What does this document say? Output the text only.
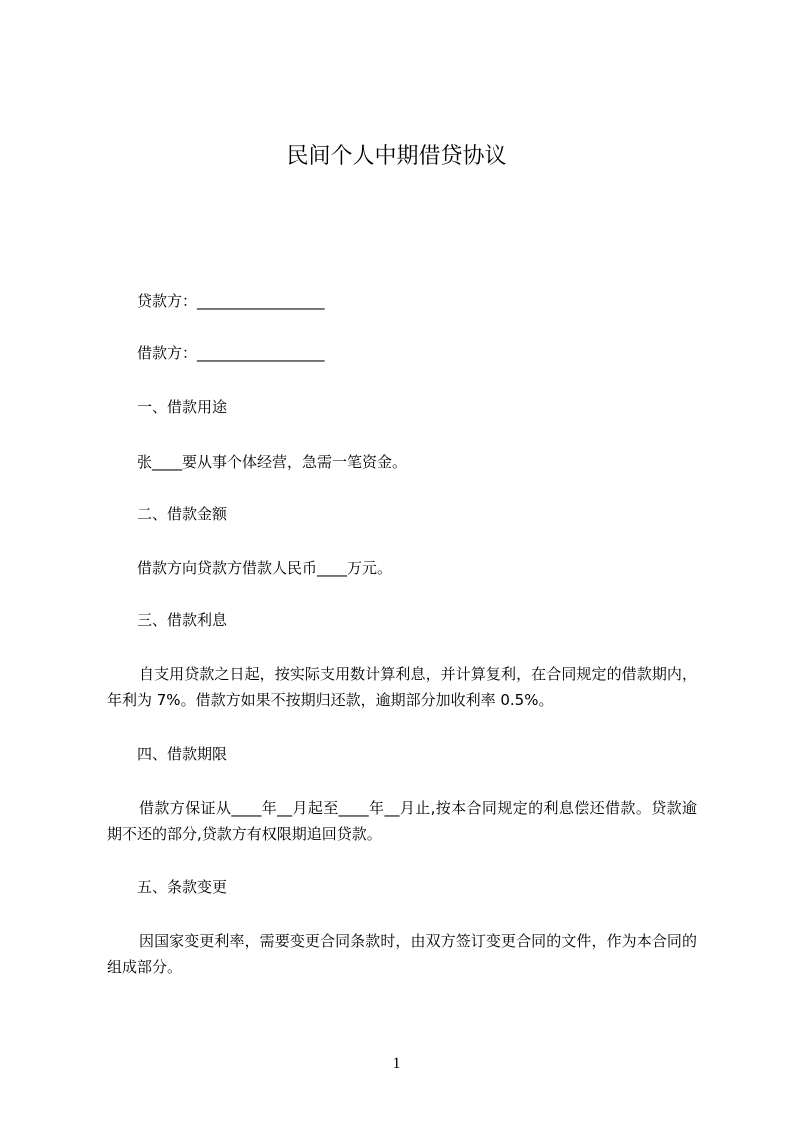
民间个人中期借贷协议

贷款方：_________________

借款方：_________________

一、借款用途

张____要从事个体经营，急需一笔资金。

二、借款金额

借款方向贷款方借款人民币____万元。

三、借款利息

自支用贷款之日起，按实际支用数计算利息，并计算复利，在合同规定的借款期内，年利为 7%。借款方如果不按期归还款，逾期部分加收利率 0.5%。

四、借款期限

借款方保证从____年__月起至____年__月止,按本合同规定的利息偿还借款。贷款逾期不还的部分,贷款方有权限期追回贷款。

五、条款变更

因国家变更利率，需要变更合同条款时，由双方签订变更合同的文件，作为本合同的组成部分。

1
